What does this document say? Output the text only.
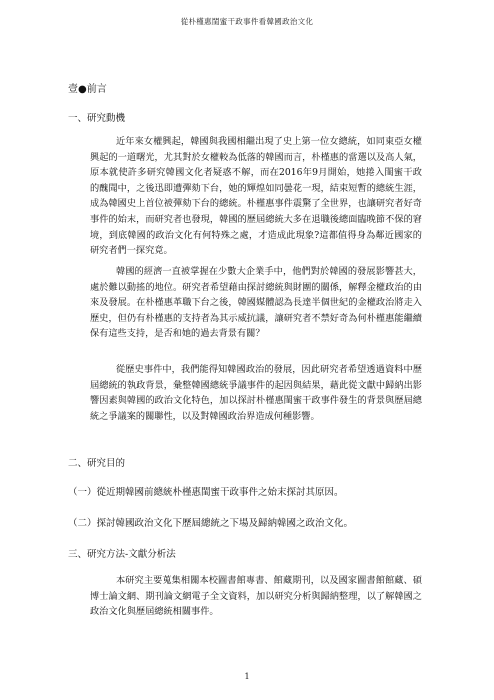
從朴槿惠閨蜜干政事件看韓國政治文化
壹●前言
一、研究動機

近年來女權興起，韓國與我國相繼出現了史上第一位女總統，如同東亞女權興起的一道曙光，尤其對於女權較為低落的韓國而言，朴槿惠的當選以及高人氣，原本就使許多研究韓國文化者疑惑不解，而在2016年9月開始，她捲入閨蜜干政的醜聞中，之後迅即遭彈劾下台，她的輝煌如同曇花一現，結束短暫的總統生涯，成為韓國史上首位被彈劾下台的總統。朴槿惠事件震驚了全世界，也讓研究者好奇事件的始末，而研究者也發現，韓國的歷屆總統大多在退職後總面臨晚節不保的窘境，到底韓國的政治文化有何特殊之處，才造成此現象?這都值得身為鄰近國家的研究者們一探究竟。

韓國的經濟一直被掌握在少數大企業手中，他們對於韓國的發展影響甚大，處於難以動搖的地位。研究者希望藉由探討總統與財團的關係，解釋金權政治的由來及發展。在朴槿惠革職下台之後，韓國媒體認為長達半個世紀的金權政治將走入歷史，但仍有朴槿惠的支持者為其示威抗議，讓研究者不禁好奇為何朴槿惠能繼續保有這些支持，是否和她的過去背景有關？

從歷史事件中，我們能得知韓國政治的發展，因此研究者希望透過資料中歷屆總統的執政背景，彙整韓國總統爭議事件的起因與結果，藉此從文獻中歸納出影響因素與韓國的政治文化特色，加以探討朴槿惠閨蜜干政事件發生的背景與歷屆總統之爭議案的關聯性，以及對韓國政治界造成何種影響。

二、研究目的
（一）從近期韓國前總統朴槿惠閨蜜干政事件之始末探討其原因。
（二）探討韓國政治文化下歷屆總統之下場及歸納韓國之政治文化。
三、研究方法-文獻分析法

本研究主要蒐集相關本校圖書館專書、館藏期刊，以及國家圖書館館藏、碩博士論文網、期刊論文網電子全文資料，加以研究分析與歸納整理，以了解韓國之政治文化與歷屆總統相關事件。

1
